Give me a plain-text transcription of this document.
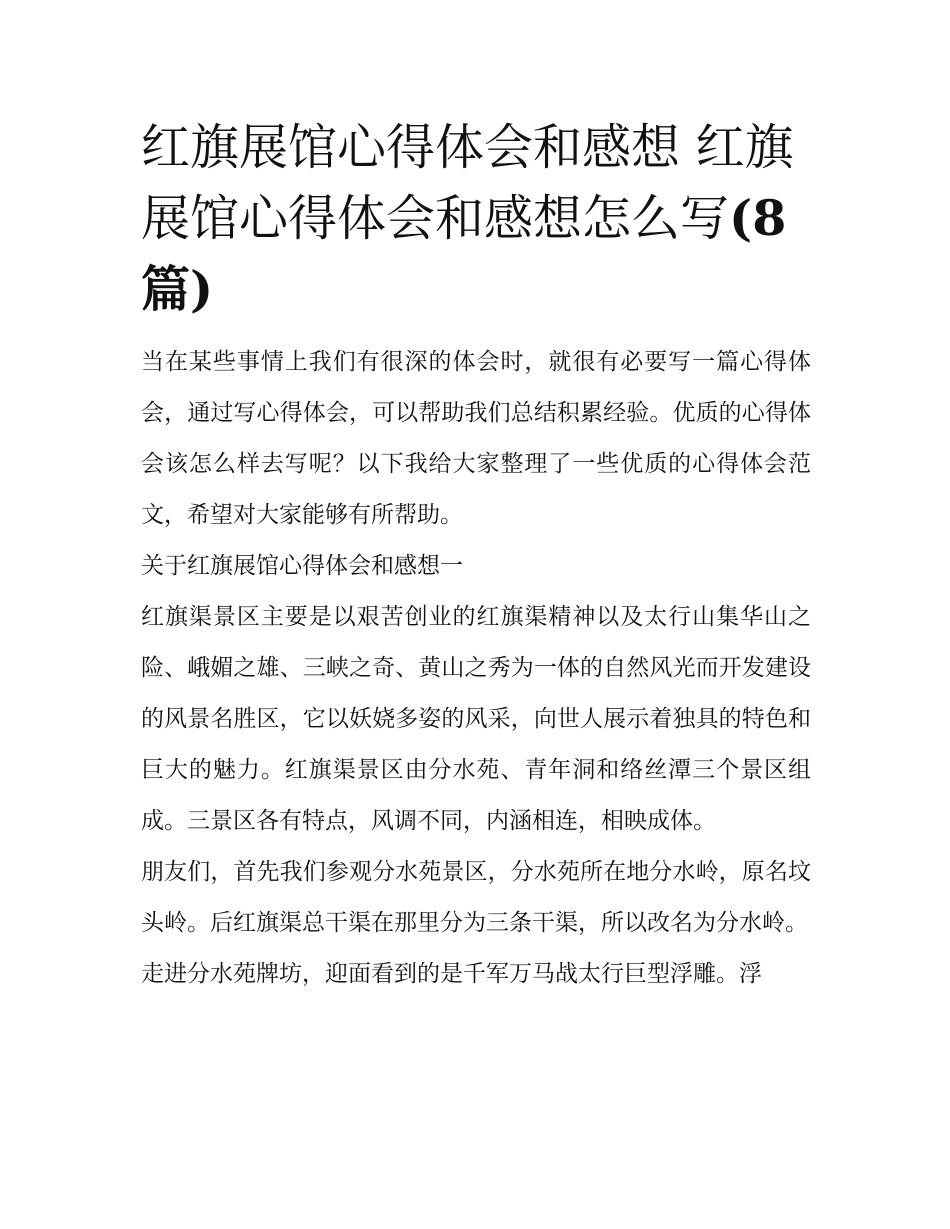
红旗展馆心得体会和感想 红旗展馆心得体会和感想怎么写(8篇)

当在某些事情上我们有很深的体会时，就很有必要写一篇心得体会，通过写心得体会，可以帮助我们总结积累经验。优质的心得体会该怎么样去写呢？以下我给大家整理了一些优质的心得体会范文，希望对大家能够有所帮助。

关于红旗展馆心得体会和感想一

红旗渠景区主要是以艰苦创业的红旗渠精神以及太行山集华山之险、峨媚之雄、三峡之奇、黄山之秀为一体的自然风光而开发建设的风景名胜区，它以妖娆多姿的风采，向世人展示着独具的特色和巨大的魅力。红旗渠景区由分水苑、青年洞和络丝潭三个景区组成。三景区各有特点，风调不同，内涵相连，相映成体。

朋友们，首先我们参观分水苑景区，分水苑所在地分水岭，原名坟头岭。后红旗渠总干渠在那里分为三条干渠，所以改名为分水岭。

走进分水苑牌坊，迎面看到的是千军万马战太行巨型浮雕。浮
